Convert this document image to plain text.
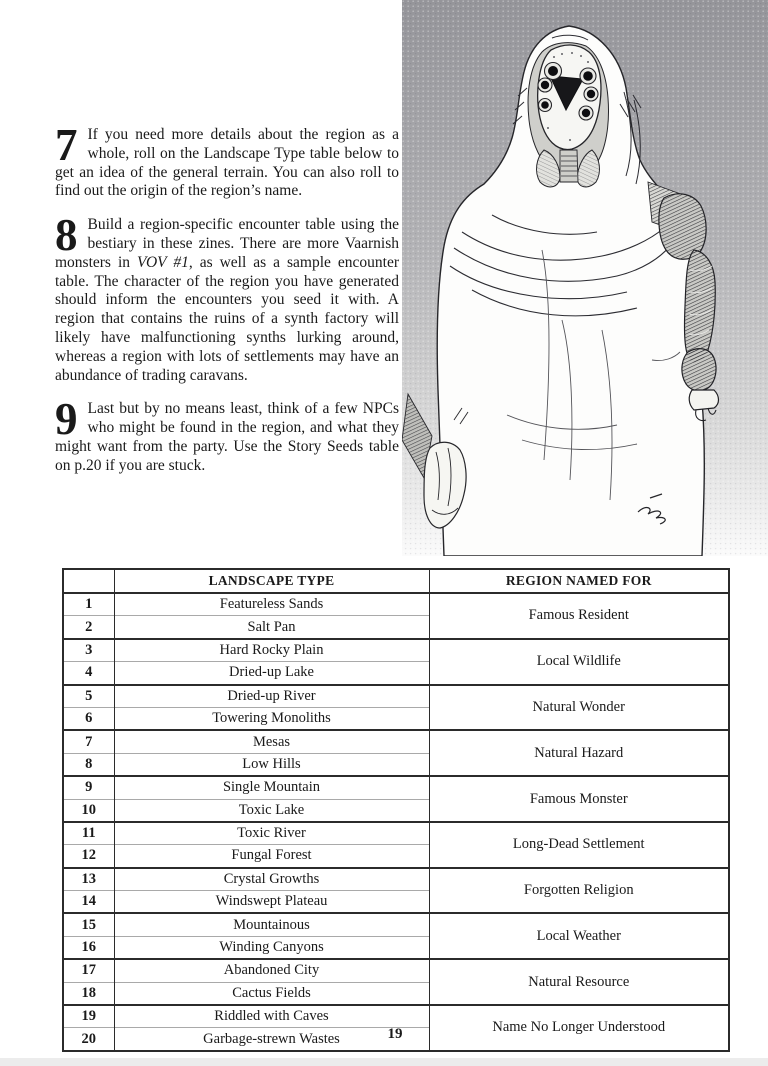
7 If you need more details about the region as a whole, roll on the Landscape Type table below to get an idea of the general terrain. You can also roll to find out the origin of the region’s name.

8 Build a region-specific encounter table using the bestiary in these zines. There are more Vaarnish monsters in VOV #1, as well as a sample encounter table. The character of the region you have generated should inform the encounters you seed it with. A region that contains the ruins of a synth factory will likely have malfunctioning synths lurking around, whereas a region with lots of settlements may have an abundance of trading caravans.

9 Last but by no means least, think of a few NPCs who might be found in the region, and what they might want from the party. Use the Story Seeds table on p.20 if you are stuck.

	LANDSCAPE TYPE	REGION NAMED FOR
1	Featureless Sands	Famous Resident
2	Salt Pan	
3	Hard Rocky Plain	Local Wildlife
4	Dried-up Lake	
5	Dried-up River	Natural Wonder
6	Towering Monoliths	
7	Mesas	Natural Hazard
8	Low Hills	
9	Single Mountain	Famous Monster
10	Toxic Lake	
11	Toxic River	Long-Dead Settlement
12	Fungal Forest	
13	Crystal Growths	Forgotten Religion
14	Windswept Plateau	
15	Mountainous	Local Weather
16	Winding Canyons	
17	Abandoned City	Natural Resource
18	Cactus Fields	
19	Riddled with Caves	Name No Longer Understood
20	Garbage-strewn Wastes		19
